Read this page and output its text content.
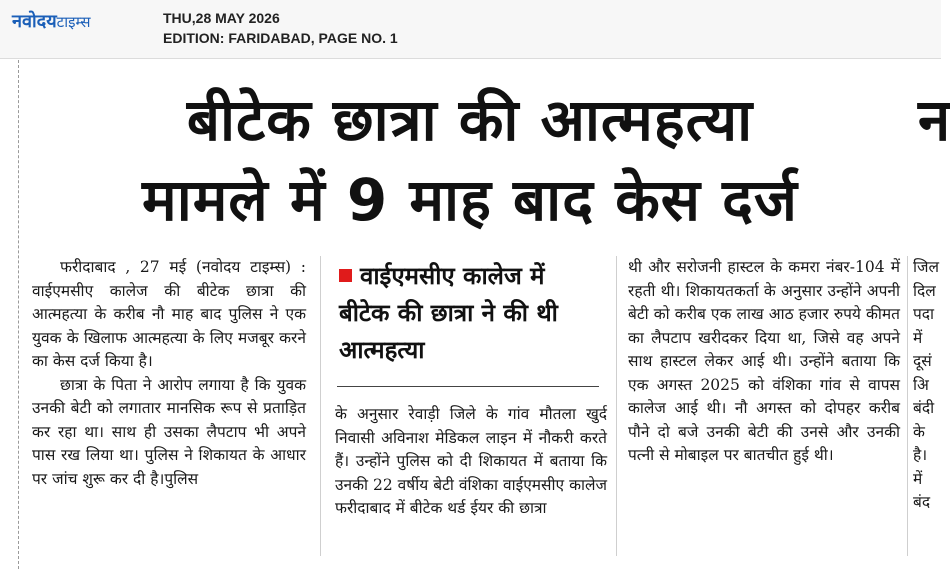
नवोदयटाइम्स	THU,28 MAY 2026
EDITION: FARIDABAD, PAGE NO. 1
बीटेक छात्रा की आत्महत्या
मामले में 9 माह बाद केस दर्ज
न

फरीदाबाद , 27 मई (नवोदय टाइम्स) : वाईएमसीए कालेज की बीटेक छात्रा की आत्महत्या के करीब नौ माह बाद पुलिस ने एक युवक के खिलाफ आत्महत्या के लिए मजबूर करने का केस दर्ज किया है।

छात्रा के पिता ने आरोप लगाया है कि युवक उनकी बेटी को लगातार मानसिक रूप से प्रताड़ित कर रहा था। साथ ही उसका लैपटाप भी अपने पास रख लिया था। पुलिस ने शिकायत के आधार पर जांच शुरू कर दी है।पुलिस

वाईएमसीए कालेज में बीटेक की छात्रा ने की थी आत्महत्या

के अनुसार रेवाड़ी जिले के गांव मौतला खुर्द निवासी अविनाश मेडिकल लाइन में नौकरी करते हैं। उन्होंने पुलिस को दी शिकायत में बताया कि उनकी 22 वर्षीय बेटी वंशिका वाईएमसीए कालेज फरीदाबाद में बीटेक थर्ड ईयर की छात्रा

थी और सरोजनी हास्टल के कमरा नंबर-104 में रहती थी। शिकायतकर्ता के अनुसार उन्होंने अपनी बेटी को करीब एक लाख आठ हजार रुपये कीमत का लैपटाप खरीदकर दिया था, जिसे वह अपने साथ हास्टल लेकर आई थी। उन्होंने बताया कि एक अगस्त 2025 को वंशिका गांव से वापस कालेज आई थी। नौ अगस्त को दोपहर करीब पौने दो बजे उनकी बेटी की उनसे और उनकी पत्नी से मोबाइल पर बातचीत हुई थी।

जिल
दिल
पदा
में
दूसं
अि
बंदी
के
है।
में
बंद
